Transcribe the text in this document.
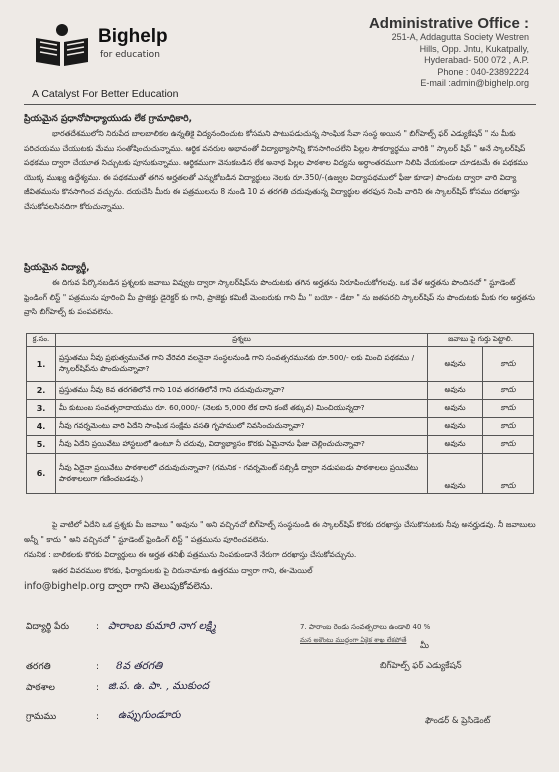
Bighelp
for education
A Catalyst For Better Education
Administrative Office :
251-A, Addagutta Society Westren
Hills, Opp. Jntu, Kukatpally,
Hyderabad- 500 072 , A.P.
Phone : 040-23892224
E-mail :admin@bighelp.org
ప్రియమైన ప్రధానోపాధ్యాయుడు లేక గ్రామాధికారి,
భారతదేశములోని నిరుపేద బాలబాలికల ఉన్నతికై విద్యనందించుట కోసమని పాటుపడుచున్న సాంఘిక సేవా సంస్థ అయిన " బిగ్‌హెల్ప్ ఫర్ ఎడ్యుకేషన్ " ను మీకు పరిచయము చేయుటకు మేము సంతోషించుచున్నాము. ఆర్థిక వనరుల అభావంతో విద్యాభ్యాసాన్ని కొనసాగించలేని పిల్లల సౌకర్యార్థము వారికి " స్కాలర్ షిప్ " అనే స్కాలర్‌షిప్ పథకము ద్వారా చేయూత నిచ్చుటకు పూనుకున్నాము. ఆర్థికముగా వెనుకబడిన లేక అనాథ పిల్లల పాఠశాల విద్యను అర్ధాంతరముగా నిలిపి వేయకుండా చూడటమే ఈ పథకము యొక్క ముఖ్య ఉద్దేశ్యము. ఈ పథకముతో తగిన అర్హతలతో ఎన్నుకోబడిన విద్యార్థులు నెలకు రూ.350/-(ఉజ్వల విద్యాపథములో ఫీజు కూడా) పొందుట ద్వారా వారి విద్యా జీవితమును కొనసాగించ వచ్చును. దయచేసి మీరు ఈ పత్రములను 8 నుండి 10 వ తరగతి చదువుతున్న విద్యార్థుల తరఫున నింపి వారిని ఈ స్కాలర్‌షిప్ కోసము దరఖాస్తు చేసుకోవలసినదిగా కోరుచున్నాము.
ప్రియమైన విద్యార్థీ,
ఈ దిగువ పేర్కొనబడిన ప్రశ్నలకు జవాబు వివ్వుట ద్వారా స్కాలర్‌షిప్‌ను పొందుటకు తగిన అర్హతను నిరూపించుకోగలవు. ఒక వేళ అర్హతను పొందినచో " స్టూడెంట్ ఫ్రెండింగ్ లిస్ట్ " పత్రమును పూరించి మీ ప్రాజెక్టు డైరెక్టర్ కు గాని, ప్రాజెక్టు కమిటీ మెంబరుకు గాని మీ " బయో - డేటా " ను జతపరచి స్కాలర్‌షిప్ ను పొందుటకు మీకు గల అర్హతను వ్రాసి బిగ్‌హెల్ప్ కు పంపవలెను.
క్ర.సం.	ప్రశ్నలు	జవాబు పై గుర్తు పెట్టాలి.	
1.	ప్రస్తుతము నీవు ప్రభుత్వముచేత గాని వేరెవరి వలనైనా సంస్థలనుండి గాని సంవత్సరమునకు రూ.500/- లకు మించి పథకము / స్కాలర్‌షిప్‌ను పొందుచున్నావా?	అవును	కాదు
2.	ప్రస్తుతము నీవు 8వ తరగతిలోనే గాని 10వ తరగతిలోనే గాని చదువుచున్నావా?	అవును	కాదు
3.	మీ కుటుంబ సంవత్సరాదాయము రూ. 60,000/- (నెలకు 5,000 లేక దాని కంటే తక్కువ) మించియున్నదా?	అవును	కాదు
4.	నీవు గవర్నమెంటు వారి ఏదేని సాంఘిక సంక్షేమ వసతి గృహములో నివసించుచున్నావా?	అవును	కాదు
5.	నీవు ఏదేని ప్రయివేటు హాస్టలులో ఉంటూ నీ చదువు, విద్యాభ్యాసం కొరకు ఏమైనాను ఫీజు చెల్లించుచున్నావా?	అవును	కాదు
6.	నీవు ఏదైనా ప్రయివేటు పాఠశాలలో చదువుచున్నావా? (గమనిక - గవర్నమెంట్ సబ్సిడీ ద్వారా నడుపబడు పాఠశాలలు ప్రయివేటు పాఠశాలలుగా గణించబడవు.)	అవును	కాదు
పై వాటిలో ఏదేని ఒక ప్రశ్నకు మీ జవాబు " అవును " అని వచ్చినచో బిగ్‌హెల్ప్ సంస్థనుండి ఈ స్కాలర్‌షిప్ కొరకు దరఖాస్తు చేసుకొనుటకు నీవు అనర్హుడవు. నీ జవాబులు అన్నీ " కాదు " అని వచ్చినచో " స్టూడెంట్ ఫ్రెండింగ్ లిస్ట్ " పత్రమును పూరించవలెను.
గమనిక : బాలికలకు కొరకు విద్యార్థులు ఈ అర్హత తనిఖీ పత్రమును నింపకుండానే నేరుగా దరఖాస్తు చేసుకోవచ్చును.
ఇతర వివరముల కొరకు, ఫిర్యాదులకు పై చిరునామాకు ఉత్తరము ద్వారా గాని, ఈ-మెయిల్
info@bighelp.org ద్వారా గాని తెలుపుకోవలెను.
7. పారాంబ రెండు సంవత్సరాలు ఉండాలి 40 %
మన అకౌంటు ముద్దంగా ఏకైక శాఖ లేకపోతే
విద్యార్థి పేరు	: పారాంబ కుమారి నాగ లక్ష్మి
తరగతి	: 8వ తరగతి
పాఠశాల	: జి.ప. ఉ. పా. , ముకుంద
గ్రామము	: ఉప్పుగుండూరు
మీ
బిగ్‌హెల్ప్ ఫర్ ఎడ్యుకేషన్
ఫౌండర్ & ప్రెసిడెంట్
